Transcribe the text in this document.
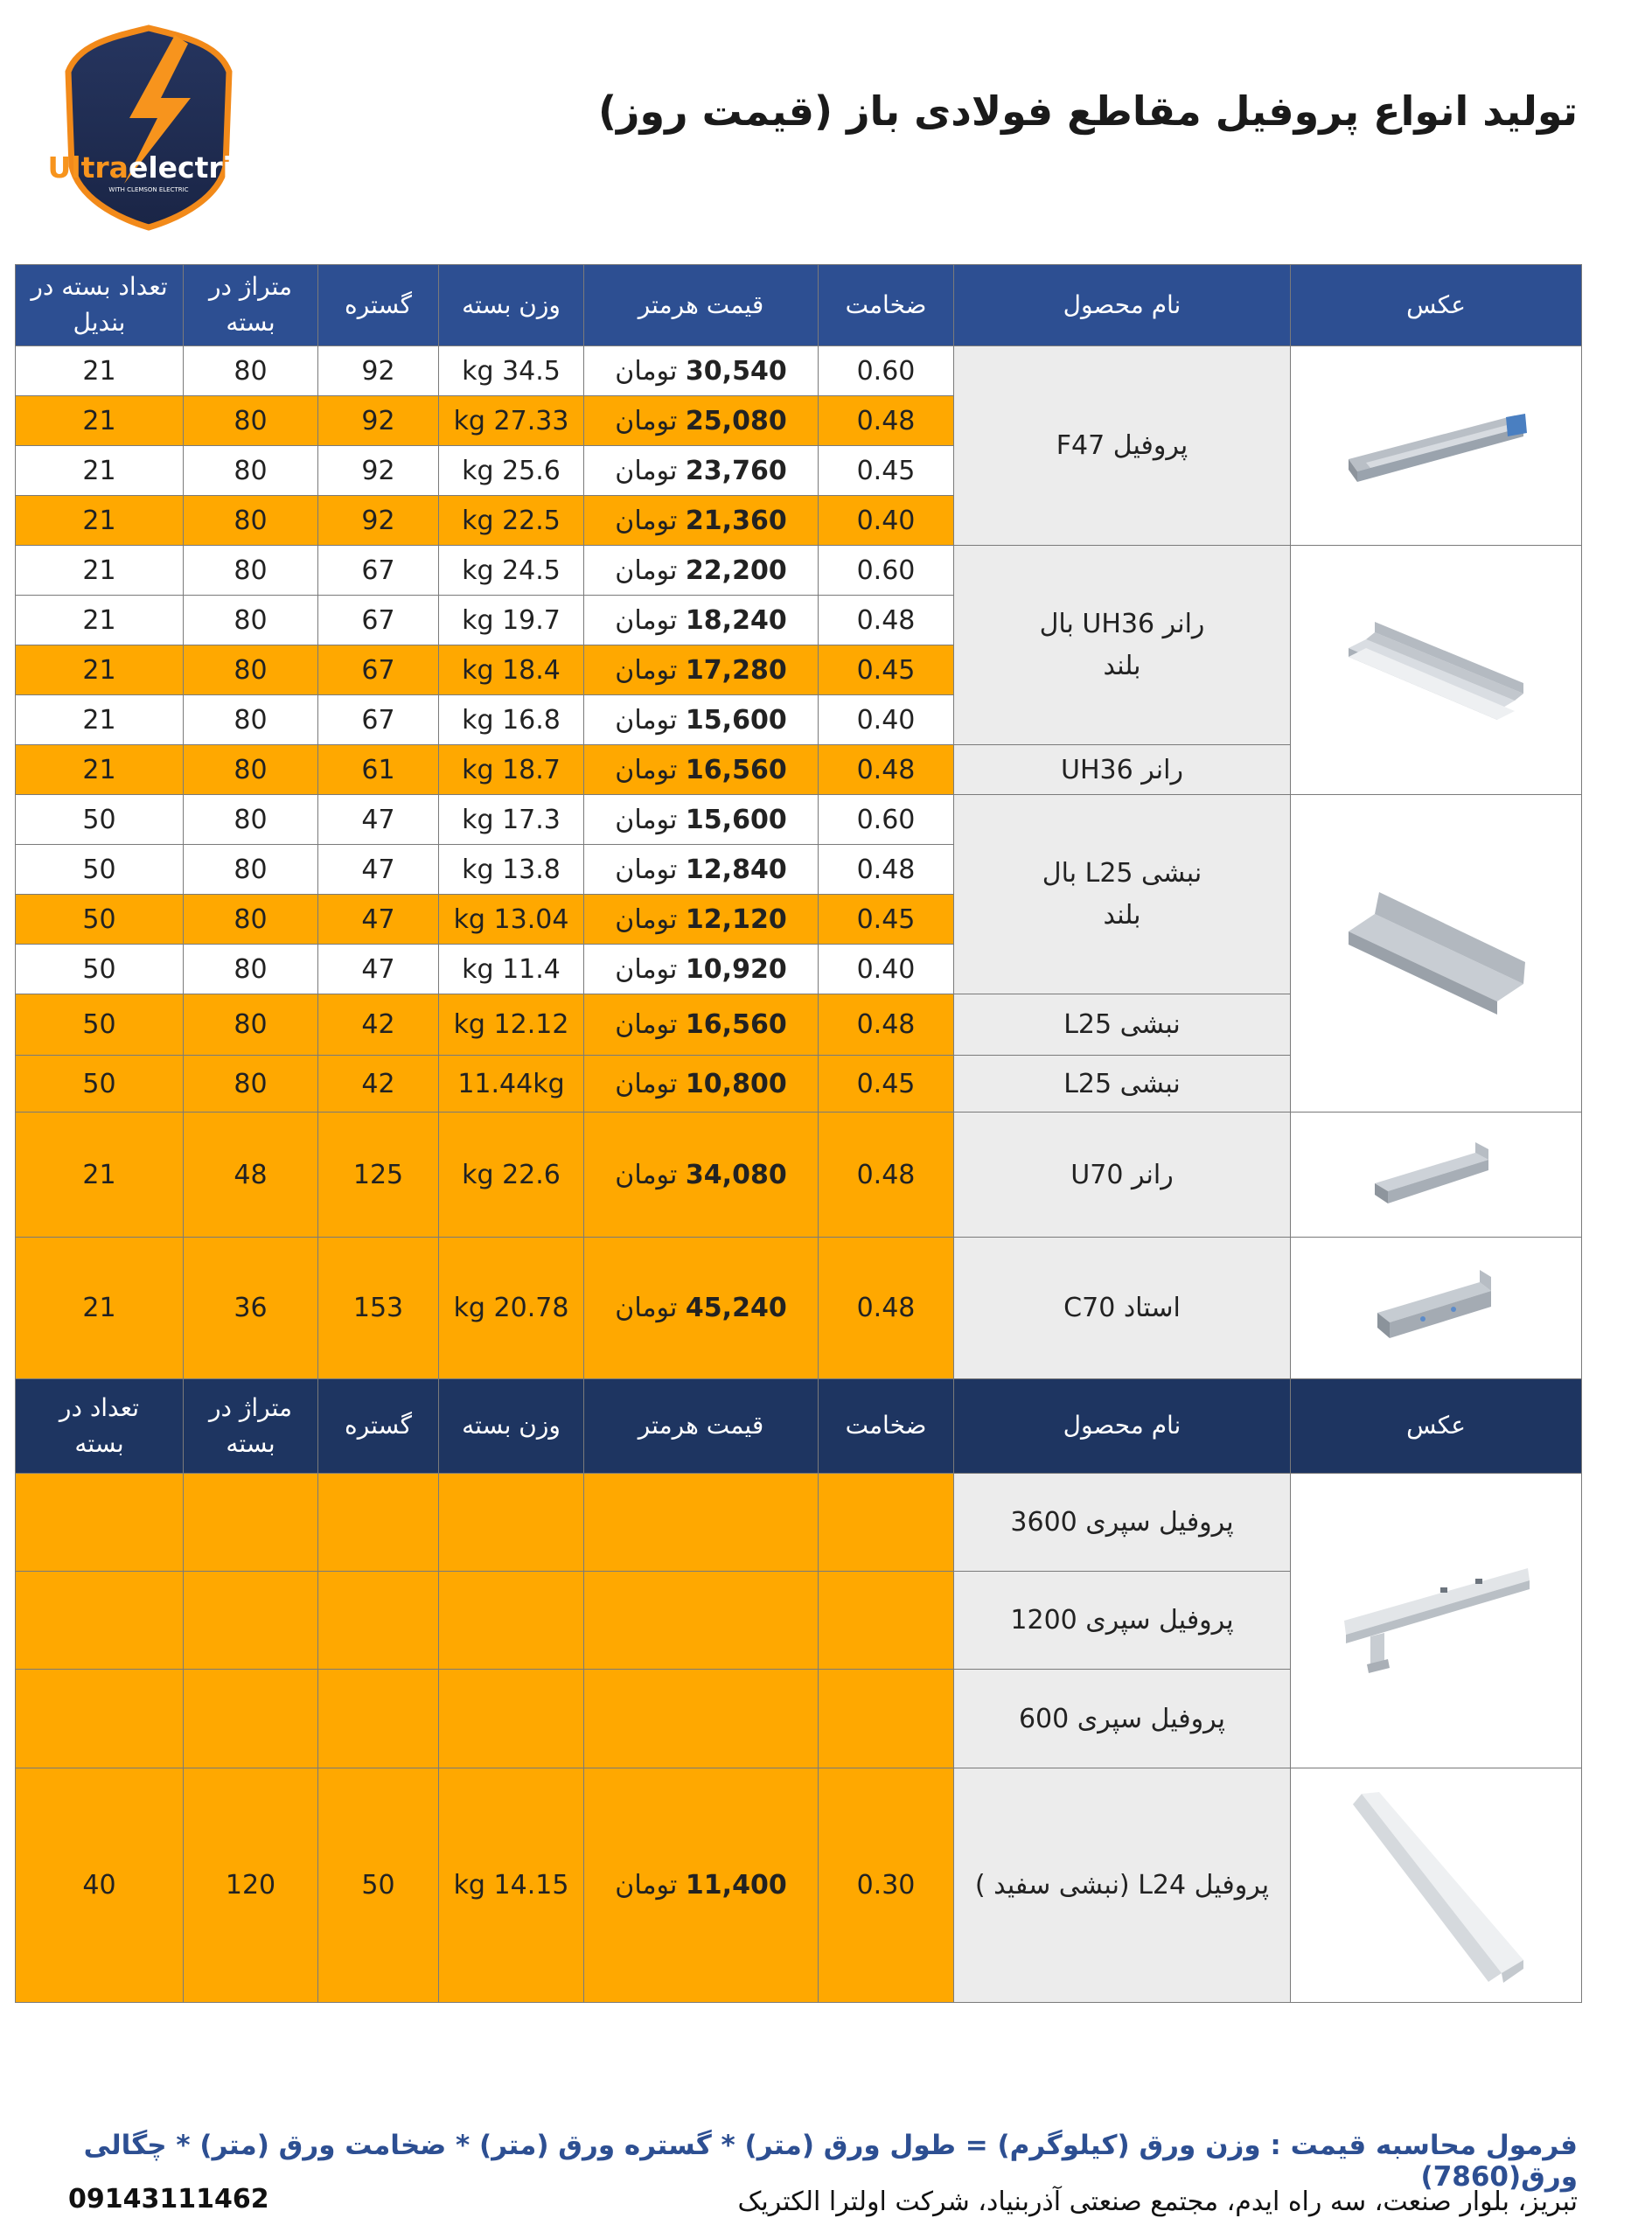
Ultraelectric
WITH CLEMSON ELECTRIC
تولید انواع پروفیل مقاطع فولادی باز (قیمت روز)
عکس	نام محصول	ضخامت	قیمت هرمتر	وزن بسته	گستره	متراژ در بسته	تعداد بسته در بندیل

	پروفیل F47	0.60	30,540 تومان	34.5 kg	92	80	21
		0.48	25,080 تومان	27.33 kg	92	80	21
		0.45	23,760 تومان	25.6 kg	92	80	21
		0.40	21,360 تومان	22.5 kg	92	80	21

	رانر UH36 بال بلند	0.60	22,200 تومان	24.5 kg	67	80	21
		0.48	18,240 تومان	19.7 kg	67	80	21
		0.45	17,280 تومان	18.4 kg	67	80	21
		0.40	15,600 تومان	16.8 kg	67	80	21
	رانر UH36	0.48	16,560 تومان	18.7 kg	61	80	21

	نبشی L25 بال بلند	0.60	15,600 تومان	17.3 kg	47	80	50
		0.48	12,840 تومان	13.8 kg	47	80	50
		0.45	12,120 تومان	13.04 kg	47	80	50
		0.40	10,920 تومان	11.4 kg	47	80	50
	نبشی L25	0.48	16,560 تومان	12.12 kg	42	80	50
	نبشی L25	0.45	10,800 تومان	11.44kg	42	80	50

	رانر U70	0.48	34,080 تومان	22.6 kg	125	48	21

	استاد C70	0.48	45,240 تومان	20.78 kg	153	36	21
عکس	نام محصول	ضخامت	قیمت هرمتر	وزن بسته	گستره	متراژ در بسته	تعداد در بسته

	پروفیل سپری 3600						
	پروفیل سپری 1200						
	پروفیل سپری 600						

	پروفیل L24 (نبشی سفید )	0.30	11,400 تومان	14.15 kg	50	120	40
فرمول محاسبه قیمت : وزن ورق (کیلوگرم) = طول ورق (متر) * گستره ورق (متر) * ضخامت ورق (متر) * چگالی ورق(7860)
09143111462	تبریز، بلوار صنعت، سه راه ایدم، مجتمع صنعتی آذربنیاد، شرکت اولترا الکتریک
